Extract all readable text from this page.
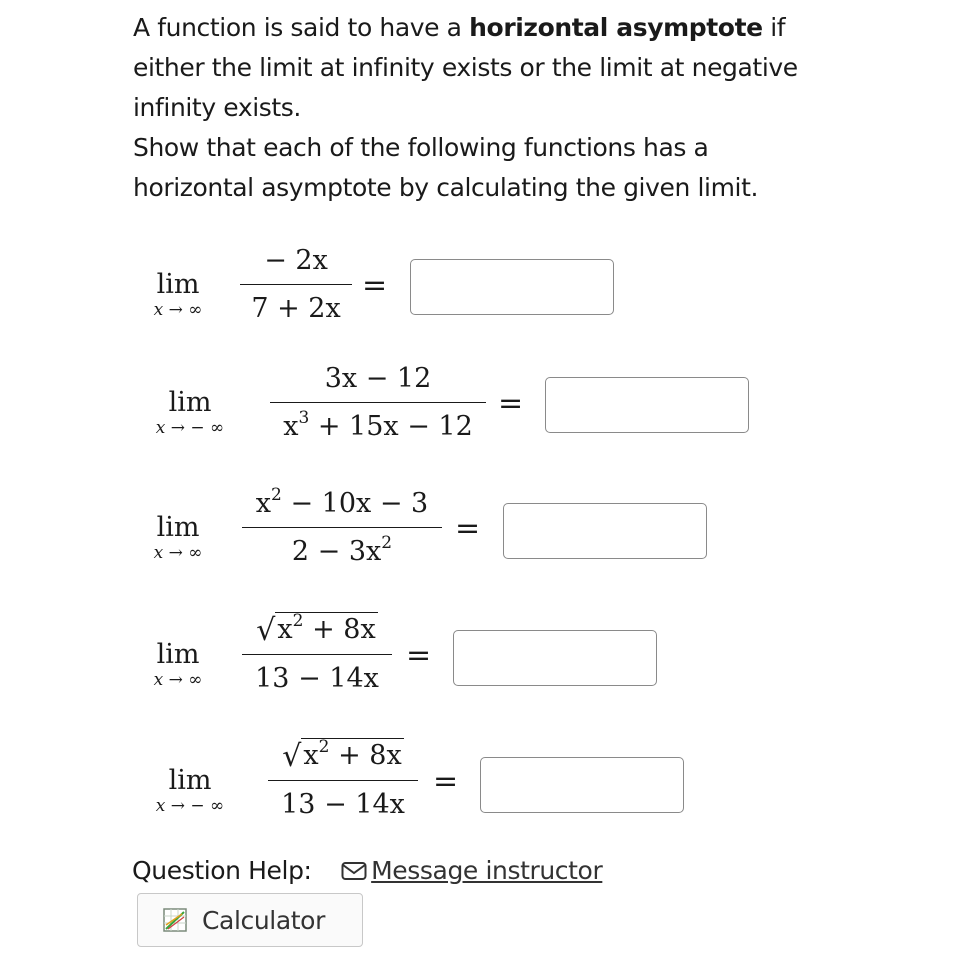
A function is said to have a horizontal asymptote if either the limit at infinity exists or the limit at negative infinity exists.

Show that each of the following functions has a horizontal asymptote by calculating the given limit.

lim
x → ∞
− 2x
7 + 2x
=
lim
x → − ∞
3x − 12
$x^3 + 15x - 12$
=
lim
x → ∞
$x^2 - 10x - 3$
$2 - 3x^2$	=
lim
x → ∞
$√x^2 + 8x$
13 − 14x
=
lim
x → − ∞
$√x^2 + 8x$
13 − 14x
=
Question Help: Message instructor
Calculator
